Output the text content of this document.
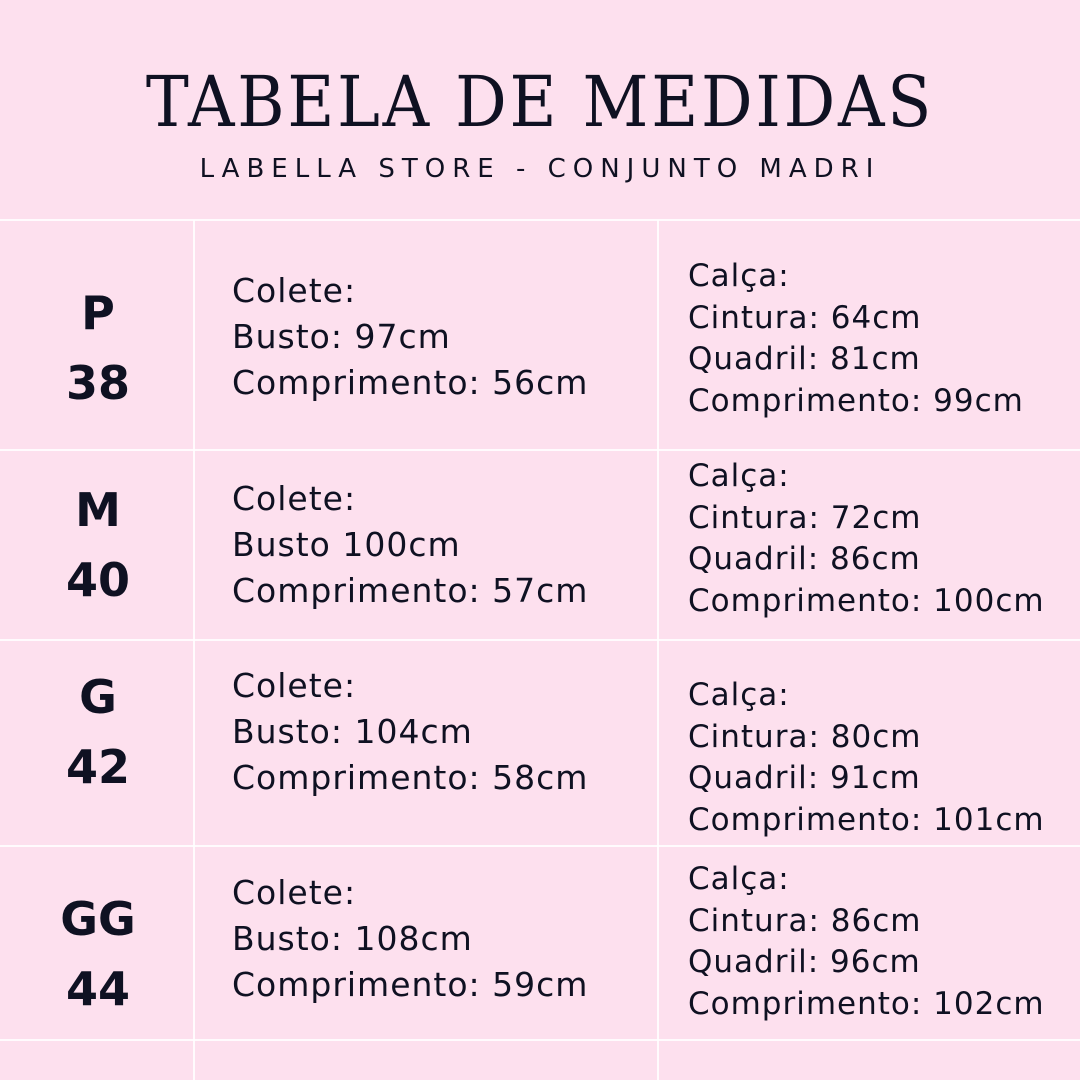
TABELA DE MEDIDAS
LABELLA STORE - CONJUNTO MADRI
P
38
Colete:
Busto: 97cm
Comprimento: 56cm
Calça:
Cintura: 64cm
Quadril: 81cm
Comprimento: 99cm
M
40
Colete:
Busto 100cm
Comprimento: 57cm
Calça:
Cintura: 72cm
Quadril: 86cm
Comprimento: 100cm
G
42
Colete:
Busto: 104cm
Comprimento: 58cm
Calça:
Cintura: 80cm
Quadril: 91cm
Comprimento: 101cm
GG
44
Colete:
Busto: 108cm
Comprimento: 59cm
Calça:
Cintura: 86cm
Quadril: 96cm
Comprimento: 102cm
